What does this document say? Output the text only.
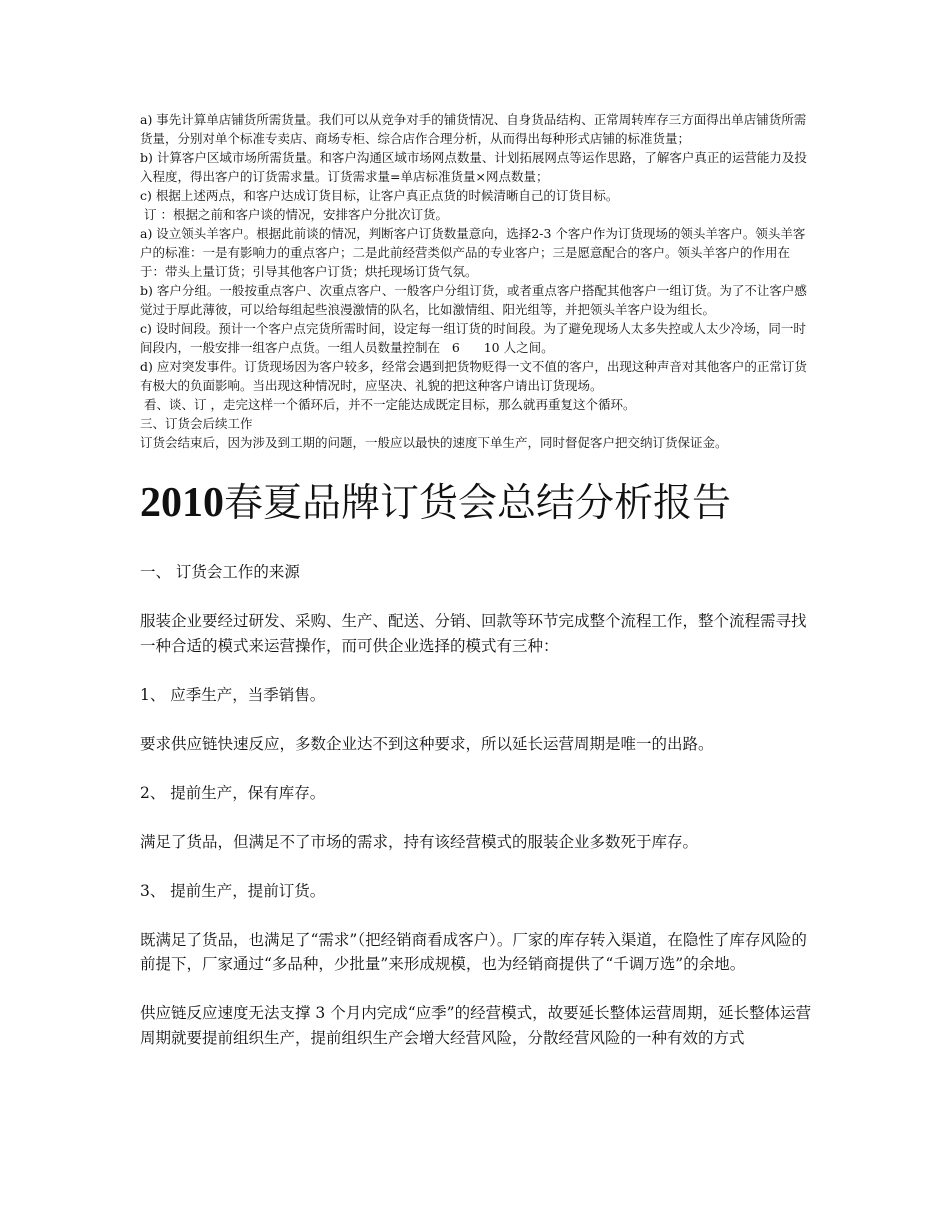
a) 事先计算单店铺货所需货量。我们可以从竞争对手的铺货情况、自身货品结构、正常周转库存三方面得出单店铺货所需货量，分别对单个标准专卖店、商场专柜、综合店作合理分析，从而得出每种形式店铺的标准货量；

b) 计算客户区域市场所需货量。和客户沟通区域市场网点数量、计划拓展网点等运作思路，了解客户真正的运营能力及投入程度，得出客户的订货需求量。订货需求量=单店标准货量×网点数量；

c) 根据上述两点，和客户达成订货目标，让客户真正点货的时候清晰自己的订货目标。

订 ：根据之前和客户谈的情况，安排客户分批次订货。

a) 设立领头羊客户。根据此前谈的情况，判断客户订货数量意向，选择2-3 个客户作为订货现场的领头羊客户。领头羊客户的标准：一是有影响力的重点客户；二是此前经营类似产品的专业客户；三是愿意配合的客户。领头羊客户的作用在于：带头上量订货；引导其他客户订货；烘托现场订货气氛。

b) 客户分组。一般按重点客户、次重点客户、一般客户分组订货，或者重点客户搭配其他客户一组订货。为了不让客户感觉过于厚此薄彼，可以给每组起些浪漫激情的队名，比如激情组、阳光组等，并把领头羊客户设为组长。

c) 设时间段。预计一个客户点完货所需时间，设定每一组订货的时间段。为了避免现场人太多失控或人太少冷场，同一时间段内，一般安排一组客户点货。一组人员数量控制在   6      10 人之间。

d) 应对突发事件。订货现场因为客户较多，经常会遇到把货物贬得一文不值的客户，出现这种声音对其他客户的正常订货有极大的负面影响。当出现这种情况时，应坚决、礼貌的把这种客户请出订货现场。

看、谈、订 ，走完这样一个循环后，并不一定能达成既定目标，那么就再重复这个循环。

三、订货会后续工作

订货会结束后，因为涉及到工期的问题，一般应以最快的速度下单生产，同时督促客户把交纳订货保证金。

2010春夏品牌订货会总结分析报告

一、 订货会工作的来源

服装企业要经过研发、采购、生产、配送、分销、回款等环节完成整个流程工作，整个流程需寻找一种合适的模式来运营操作，而可供企业选择的模式有三种：

1、 应季生产，当季销售。

要求供应链快速反应，多数企业达不到这种要求，所以延长运营周期是唯一的出路。

2、 提前生产，保有库存。

满足了货品，但满足不了市场的需求，持有该经营模式的服装企业多数死于库存。

3、 提前生产，提前订货。

既满足了货品，也满足了“需求”（把经销商看成客户）。厂家的库存转入渠道，在隐性了库存风险的前提下，厂家通过“多品种，少批量”来形成规模，也为经销商提供了“千调万选”的余地。

供应链反应速度无法支撑 3 个月内完成“应季”的经营模式，故要延长整体运营周期，延长整体运营周期就要提前组织生产，提前组织生产会增大经营风险，分散经营风险的一种有效的方式
